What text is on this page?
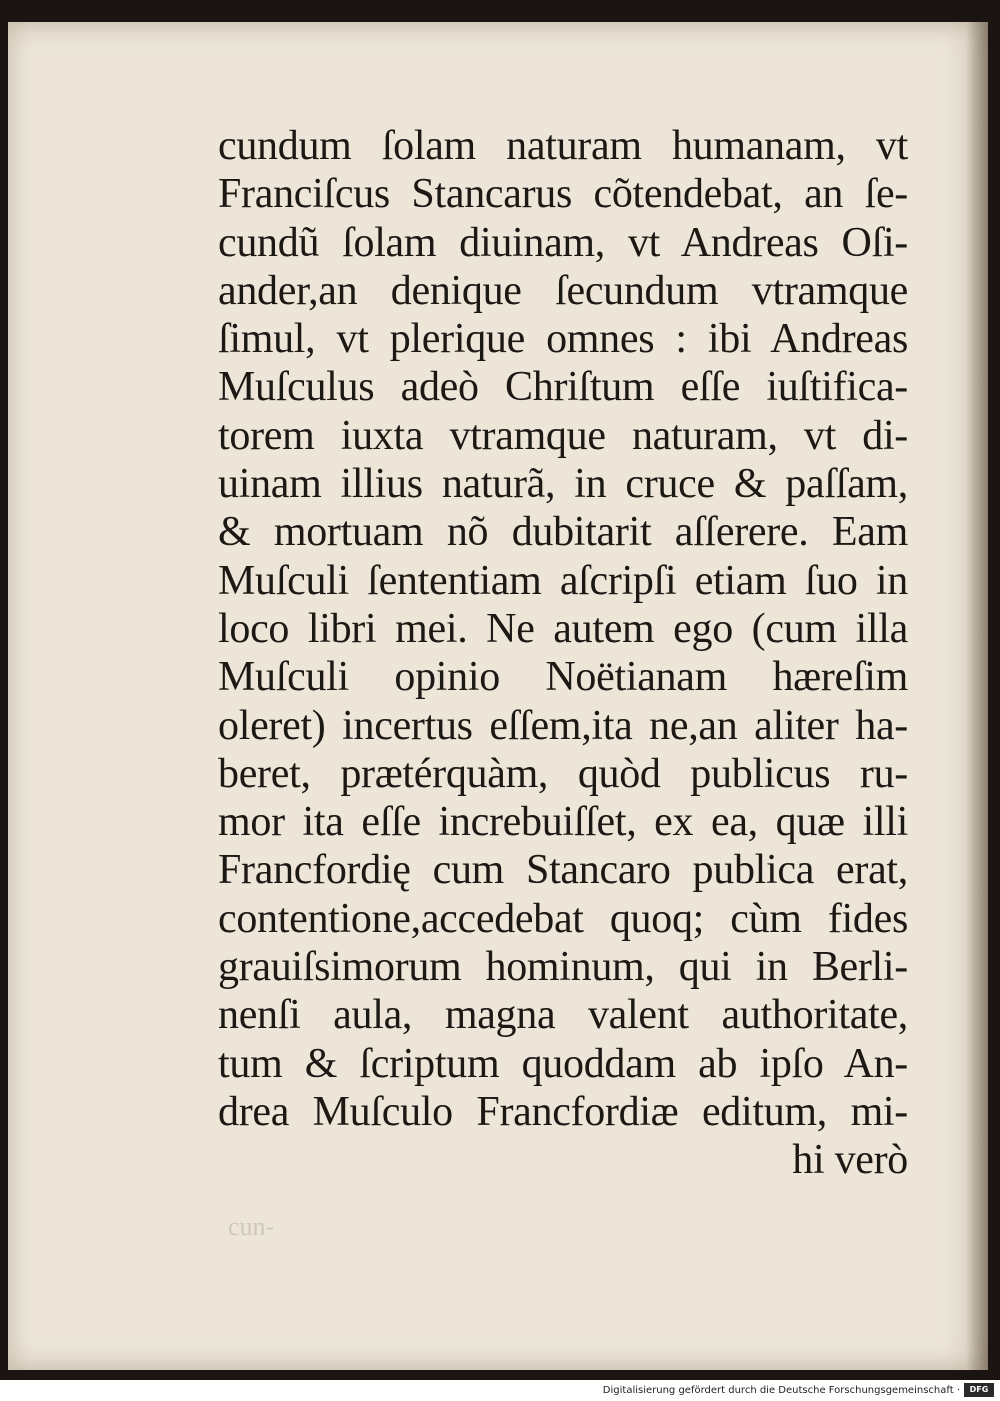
cundum ſolam naturam humanam, vt
Franciſcus Stancarus cõtendebat, an ſe-
cundũ ſolam diuinam, vt Andreas Oſi-
ander,an denique ſecundum vtramque
ſimul, vt plerique omnes : ibi Andreas
Muſculus adeò Chriſtum eſſe iuſtifica-
torem iuxta vtramque naturam, vt di-
uinam illius naturã, in cruce & paſſam,
& mortuam nõ dubitarit aſſerere. Eam
Muſculi ſententiam aſcripſi etiam ſuo in
loco libri mei. Ne autem ego (cum illa
Muſculi opinio Noëtianam hæreſim
oleret) incertus eſſem,ita ne,an aliter ha-
beret, prætérquàm, quòd publicus ru-
mor ita eſſe increbuiſſet, ex ea, quæ illi
Francfordię cum Stancaro publica erat,
contentione,accedebat quoq; cùm fides
grauiſsimorum hominum, qui in Berli-
nenſi aula, magna valent authoritate,
tum & ſcriptum quoddam ab ipſo An-
drea Muſculo Francfordiæ editum, mi-
hi verò
cun-
Digitalisierung gefördert durch die Deutsche Forschungsgemeinschaft ·	DFG
